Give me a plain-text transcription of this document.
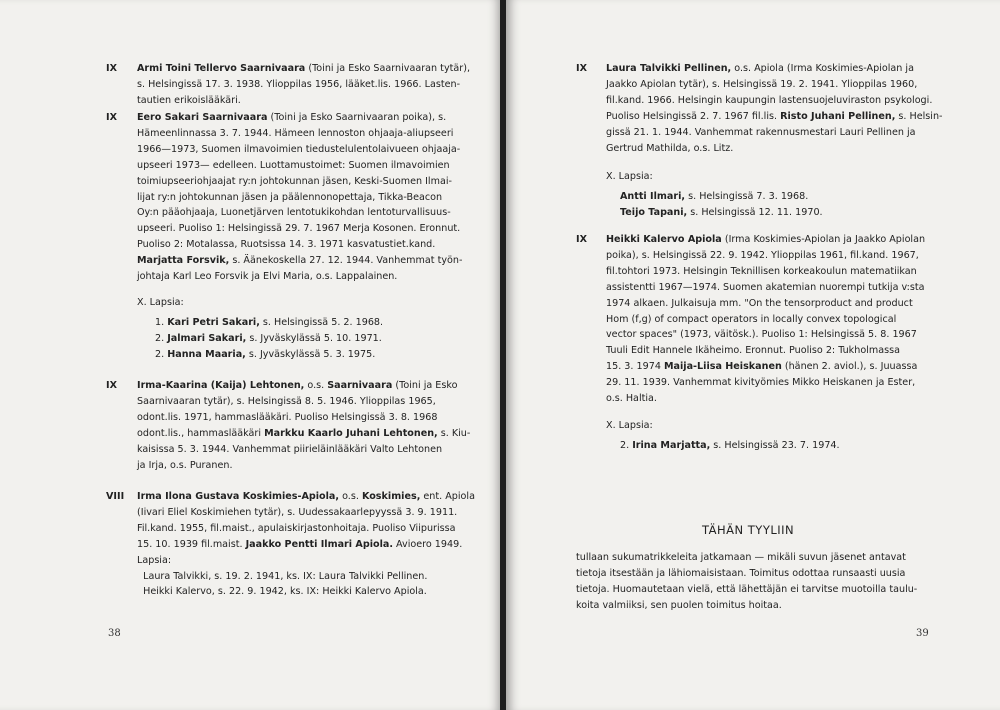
38
IX Armi Toini Tellervo Saarnivaara (Toini ja Esko Saarnivaaran tytär),
s. Helsingissä 17. 3. 1938. Ylioppilas 1956, lääket.lis. 1966. Lasten-
tautien erikoislääkäri.
IX Eero Sakari Saarnivaara (Toini ja Esko Saarnivaaran poika), s.
Hämeenlinnassa 3. 7. 1944. Hämeen lennoston ohjaaja-aliupseeri
1966—1973, Suomen ilmavoimien tiedustelulentolaivueen ohjaaja-
upseeri 1973— edelleen. Luottamustoimet: Suomen ilmavoimien
toimiupseeriohjaajat ry:n johtokunnan jäsen, Keski-Suomen Ilmai-
lijat ry:n johtokunnan jäsen ja päälennonopettaja, Tikka-Beacon
Oy:n pääohjaaja, Luonetjärven lentotukikohdan lentoturvallisuus-
upseeri. Puoliso 1: Helsingissä 29. 7. 1967 Merja Kosonen. Eronnut.
Puoliso 2: Motalassa, Ruotsissa 14. 3. 1971 kasvatustiet.kand.
Marjatta Forsvik, s. Äänekoskella 27. 12. 1944. Vanhemmat työn-
johtaja Karl Leo Forsvik ja Elvi Maria, o.s. Lappalainen.
X. Lapsia:
1. Kari Petri Sakari, s. Helsingissä 5. 2. 1968.
2. Jalmari Sakari, s. Jyväskylässä 5. 10. 1971.
2. Hanna Maaria, s. Jyväskylässä 5. 3. 1975.
IX Irma-Kaarina (Kaija) Lehtonen, o.s. Saarnivaara (Toini ja Esko
Saarnivaaran tytär), s. Helsingissä 8. 5. 1946. Ylioppilas 1965,
odont.lis. 1971, hammaslääkäri. Puoliso Helsingissä 3. 8. 1968
odont.lis., hammaslääkäri Markku Kaarlo Juhani Lehtonen, s. Kiu-
kaisissa 5. 3. 1944. Vanhemmat piirieläinlääkäri Valto Lehtonen
ja Irja, o.s. Puranen.
VIII Irma Ilona Gustava Koskimies-Apiola, o.s. Koskimies, ent. Apiola
(Iivari Eliel Koskimiehen tytär), s. Uudessakaarlepyyssä 3. 9. 1911.
Fil.kand. 1955, fil.maist., apulaiskirjastonhoitaja. Puoliso Viipurissa
15. 10. 1939 fil.maist. Jaakko Pentti Ilmari Apiola. Avioero 1949.
Lapsia:
Laura Talvikki, s. 19. 2. 1941, ks. IX: Laura Talvikki Pellinen.
Heikki Kalervo, s. 22. 9. 1942, ks. IX: Heikki Kalervo Apiola.
TÄHÄN TYYLIIN
39
IX Laura Talvikki Pellinen, o.s. Apiola (Irma Koskimies-Apiolan ja
Jaakko Apiolan tytär), s. Helsingissä 19. 2. 1941. Ylioppilas 1960,
fil.kand. 1966. Helsingin kaupungin lastensuojeluviraston psykologi.
Puoliso Helsingissä 2. 7. 1967 fil.lis. Risto Juhani Pellinen, s. Helsin-
gissä 21. 1. 1944. Vanhemmat rakennusmestari Lauri Pellinen ja
Gertrud Mathilda, o.s. Litz.
X. Lapsia:
Antti Ilmari, s. Helsingissä 7. 3. 1968.
Teijo Tapani, s. Helsingissä 12. 11. 1970.
IX Heikki Kalervo Apiola (Irma Koskimies-Apiolan ja Jaakko Apiolan
poika), s. Helsingissä 22. 9. 1942. Ylioppilas 1961, fil.kand. 1967,
fil.tohtori 1973. Helsingin Teknillisen korkeakoulun matematiikan
assistentti 1967—1974. Suomen akatemian nuorempi tutkija v:sta
1974 alkaen. Julkaisuja mm. "On the tensorproduct and product
Hom (f,g) of compact operators in locally convex topological
vector spaces" (1973, väitösk.). Puoliso 1: Helsingissä 5. 8. 1967
Tuuli Edit Hannele Ikäheimo. Eronnut. Puoliso 2: Tukholmassa
15. 3. 1974 Maija-Liisa Heiskanen (hänen 2. aviol.), s. Juuassa
29. 11. 1939. Vanhemmat kivityömies Mikko Heiskanen ja Ester,
o.s. Haltia.
X. Lapsia:
2. Irina Marjatta, s. Helsingissä 23. 7. 1974.
tullaan sukumatrikkeleita jatkamaan — mikäli suvun jäsenet antavat
tietoja itsestään ja lähiomaisistaan. Toimitus odottaa runsaasti uusia
tietoja. Huomautetaan vielä, että lähettäjän ei tarvitse muotoilla taulu-
koita valmiiksi, sen puolen toimitus hoitaa.
